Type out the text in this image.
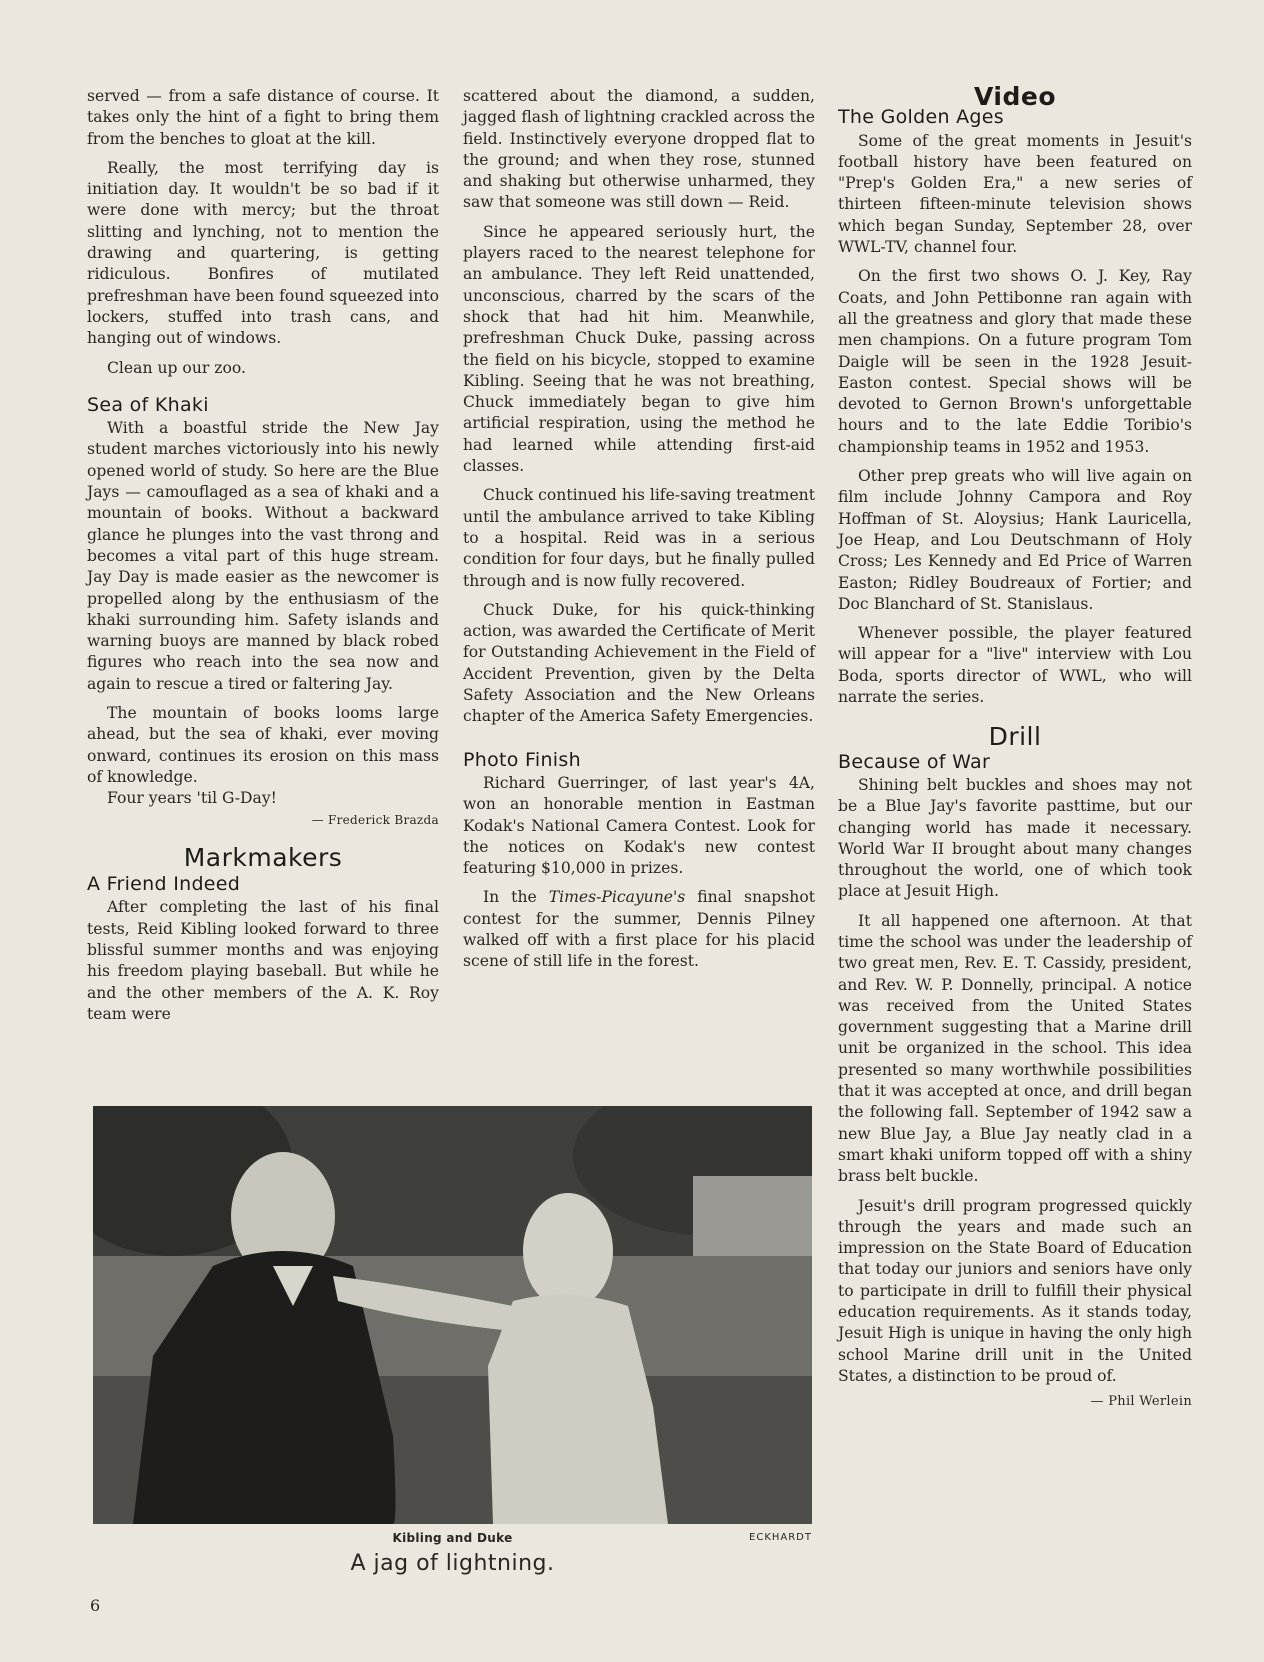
served — from a safe distance of course. It takes only the hint of a fight to bring them from the benches to gloat at the kill.

Really, the most terrifying day is initiation day. It wouldn't be so bad if it were done with mercy; but the throat slitting and lynching, not to mention the drawing and quartering, is getting ridiculous. Bonfires of mutilated prefreshman have been found squeezed into lockers, stuffed into trash cans, and hanging out of windows.

Clean up our zoo.

Sea of Khaki

With a boastful stride the New Jay student marches victoriously into his newly opened world of study. So here are the Blue Jays — camouflaged as a sea of khaki and a mountain of books. Without a backward glance he plunges into the vast throng and becomes a vital part of this huge stream. Jay Day is made easier as the newcomer is propelled along by the enthusiasm of the khaki surrounding him. Safety islands and warning buoys are manned by black robed figures who reach into the sea now and again to rescue a tired or faltering Jay.

The mountain of books looms large ahead, but the sea of khaki, ever moving onward, continues its erosion on this mass of knowledge.

Four years 'til G-Day!

— Frederick Brazda
Markmakers
A Friend Indeed

After completing the last of his final tests, Reid Kibling looked forward to three blissful summer months and was enjoying his freedom playing baseball. But while he and the other members of the A. K. Roy team were

scattered about the diamond, a sudden, jagged flash of lightning crackled across the field. Instinctively everyone dropped flat to the ground; and when they rose, stunned and shaking but otherwise unharmed, they saw that someone was still down — Reid.

Since he appeared seriously hurt, the players raced to the nearest telephone for an ambulance. They left Reid unattended, unconscious, charred by the scars of the shock that had hit him. Meanwhile, prefreshman Chuck Duke, passing across the field on his bicycle, stopped to examine Kibling. Seeing that he was not breathing, Chuck immediately began to give him artificial respiration, using the method he had learned while attending first-aid classes.

Chuck continued his life-saving treatment until the ambulance arrived to take Kibling to a hospital. Reid was in a serious condition for four days, but he finally pulled through and is now fully recovered.

Chuck Duke, for his quick-thinking action, was awarded the Certificate of Merit for Outstanding Achievement in the Field of Accident Prevention, given by the Delta Safety Association and the New Orleans chapter of the America Safety Emergencies.

Photo Finish

Richard Guerringer, of last year's 4A, won an honorable mention in Eastman Kodak's National Camera Contest. Look for the notices on Kodak's new contest featuring $10,000 in prizes.

In the Times-Picayune's final snapshot contest for the summer, Dennis Pilney walked off with a first place for his placid scene of still life in the forest.

Video
The Golden Ages

Some of the great moments in Jesuit's football history have been featured on "Prep's Golden Era," a new series of thirteen fifteen-minute television shows which began Sunday, September 28, over WWL-TV, channel four.

On the first two shows O. J. Key, Ray Coats, and John Pettibonne ran again with all the greatness and glory that made these men champions. On a future program Tom Daigle will be seen in the 1928 Jesuit-Easton contest. Special shows will be devoted to Gernon Brown's unforgettable hours and to the late Eddie Toribio's championship teams in 1952 and 1953.

Other prep greats who will live again on film include Johnny Campora and Roy Hoffman of St. Aloysius; Hank Lauricella, Joe Heap, and Lou Deutschmann of Holy Cross; Les Kennedy and Ed Price of Warren Easton; Ridley Boudreaux of Fortier; and Doc Blanchard of St. Stanislaus.

Whenever possible, the player featured will appear for a "live" interview with Lou Boda, sports director of WWL, who will narrate the series.

Drill
Because of War

Shining belt buckles and shoes may not be a Blue Jay's favorite pasttime, but our changing world has made it necessary. World War II brought about many changes throughout the world, one of which took place at Jesuit High.

It all happened one afternoon. At that time the school was under the leadership of two great men, Rev. E. T. Cassidy, president, and Rev. W. P. Donnelly, principal. A notice was received from the United States government suggesting that a Marine drill unit be organized in the school. This idea presented so many worthwhile possibilities that it was accepted at once, and drill began the following fall. September of 1942 saw a new Blue Jay, a Blue Jay neatly clad in a smart khaki uniform topped off with a shiny brass belt buckle.

Jesuit's drill program progressed quickly through the years and made such an impression on the State Board of Education that today our juniors and seniors have only to participate in drill to fulfill their physical education requirements. As it stands today, Jesuit High is unique in having the only high school Marine drill unit in the United States, a distinction to be proud of.

— Phil Werlein
Kibling and Duke	ECKHARDT
A jag of lightning.
6
